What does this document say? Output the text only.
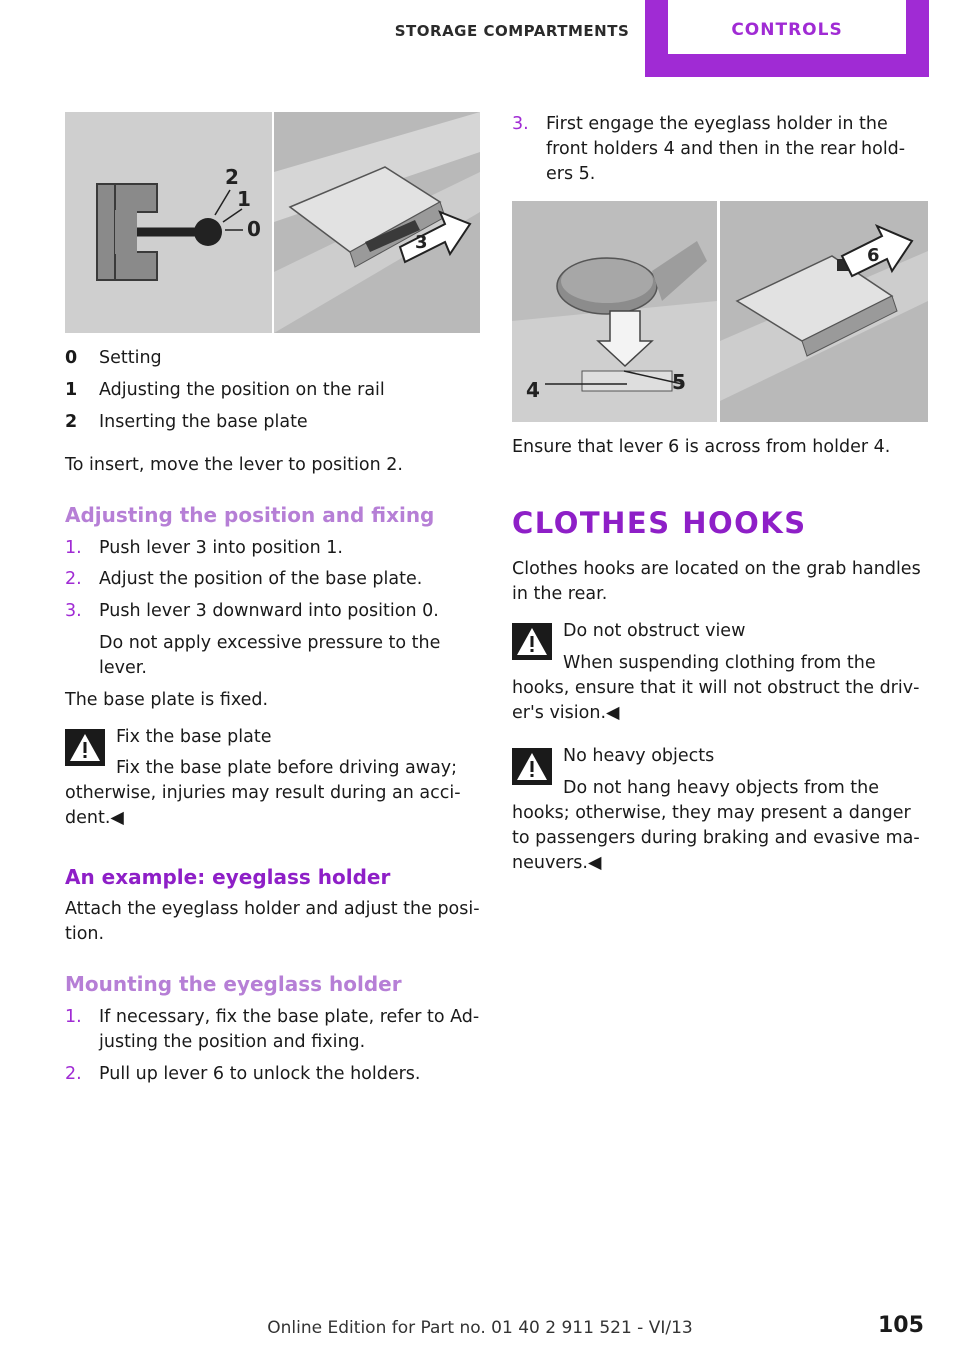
STORAGE COMPARTMENTS	CONTROLS
2
1
0
3
0 Setting
1 Adjusting the position on the rail
2 Inserting the base plate
To insert, move the lever to position 2.
Adjusting the position and fixing
1. Push lever 3 into position 1.
2. Adjust the position of the base plate.
3. Push lever 3 downward into position 0.
Do not apply excessive pressure to the
lever.
The base plate is fixed.
Fix the base plate
Fix the base plate before driving away;
otherwise, injuries may result during an acci‐
dent.◀
An example: eyeglass holder
Attach the eyeglass holder and adjust the posi‐
tion.
Mounting the eyeglass holder
1. If necessary, fix the base plate, refer to Ad‐
justing the position and fixing.
2. Pull up lever 6 to unlock the holders.
3. First engage the eyeglass holder in the
front holders 4 and then in the rear hold‐
ers 5.
4	5
6
Ensure that lever 6 is across from holder 4.
CLOTHES HOOKS
Clothes hooks are located on the grab handles
in the rear.
Do not obstruct view
When suspending clothing from the
hooks, ensure that it will not obstruct the driv‐
er's vision.◀
No heavy objects
Do not hang heavy objects from the
hooks; otherwise, they may present a danger
to passengers during braking and evasive ma‐
neuvers.◀
Online Edition for Part no. 01 40 2 911 521 - VI/13	105
